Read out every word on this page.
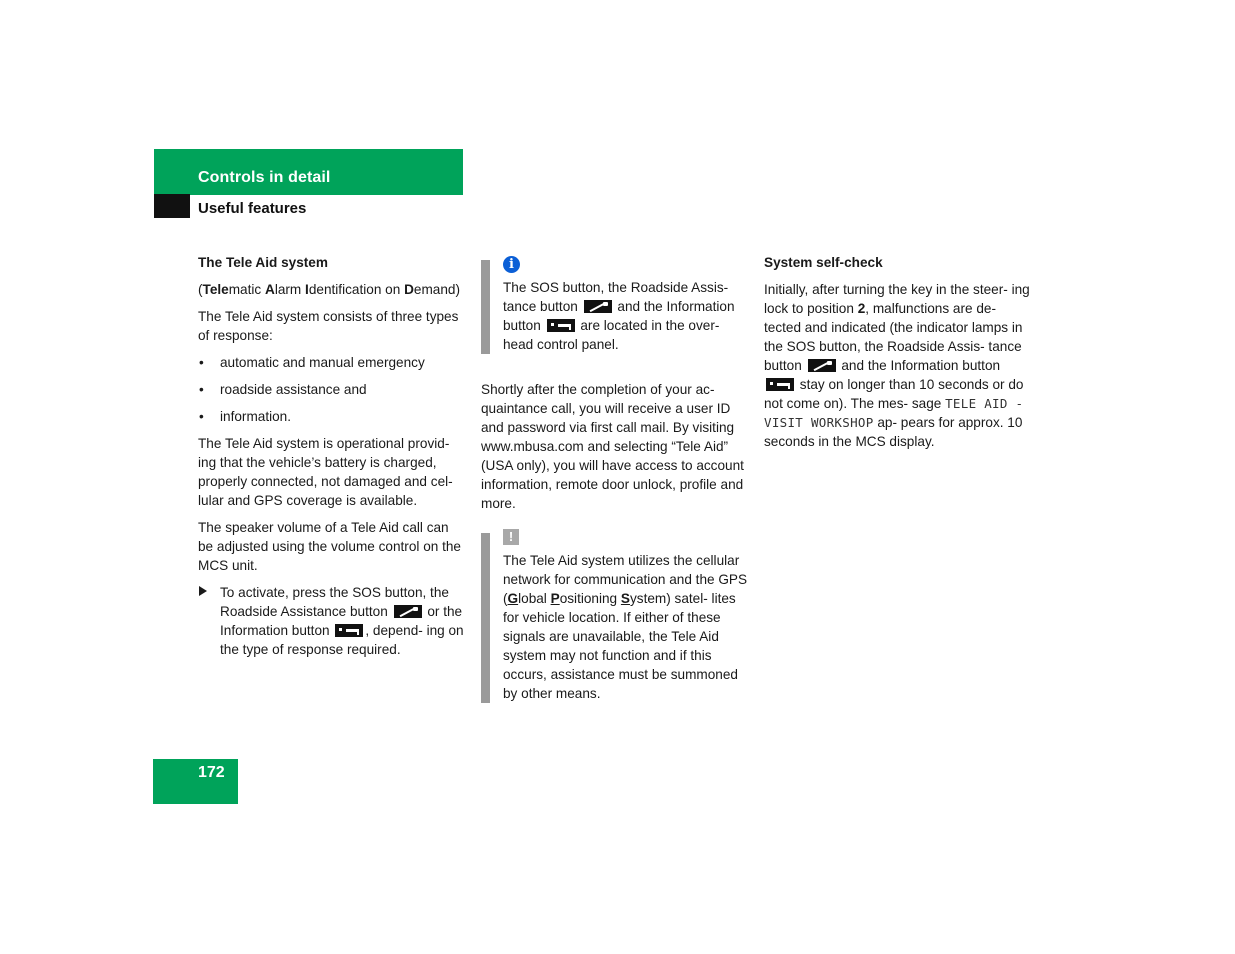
Controls in detail
Useful features
The Tele Aid system

(Telematic Alarm Identification on Demand)

The Tele Aid system consists of three types of response:

• automatic and manual emergency
• roadside assistance and
• information.

The Tele Aid system is operational provid- ing that the vehicle’s battery is charged, properly connected, not damaged and cel- lular and GPS coverage is available.

The speaker volume of a Tele Aid call can be adjusted using the volume control on the MCS unit.

To activate, press the SOS button, the Roadside Assistance button	or the Information button	, depend- ing on the type of response required.
i
The SOS button, the Roadside Assis- tance button	and the Information button	are located in the over- head control panel.

Shortly after the completion of your ac- quaintance call, you will receive a user ID and password via first call mail. By visiting www.mbusa.com and selecting “Tele Aid” (USA only), you will have access to account information, remote door unlock, profile and more.

!
The Tele Aid system utilizes the cellular network for communication and the GPS (Global Positioning System) satel- lites for vehicle location. If either of these signals are unavailable, the Tele Aid system may not function and if this occurs, assistance must be summoned by other means.
System self-check

Initially, after turning the key in the steer- ing lock to position 2, malfunctions are de- tected and indicated (the indicator lamps in the SOS button, the Roadside Assis- tance button	and the Information button
stay on longer than 10 seconds or do not come on). The mes- sage TELE AID - VISIT WORKSHOP ap- pears for approx. 10 seconds in the MCS display.

172
